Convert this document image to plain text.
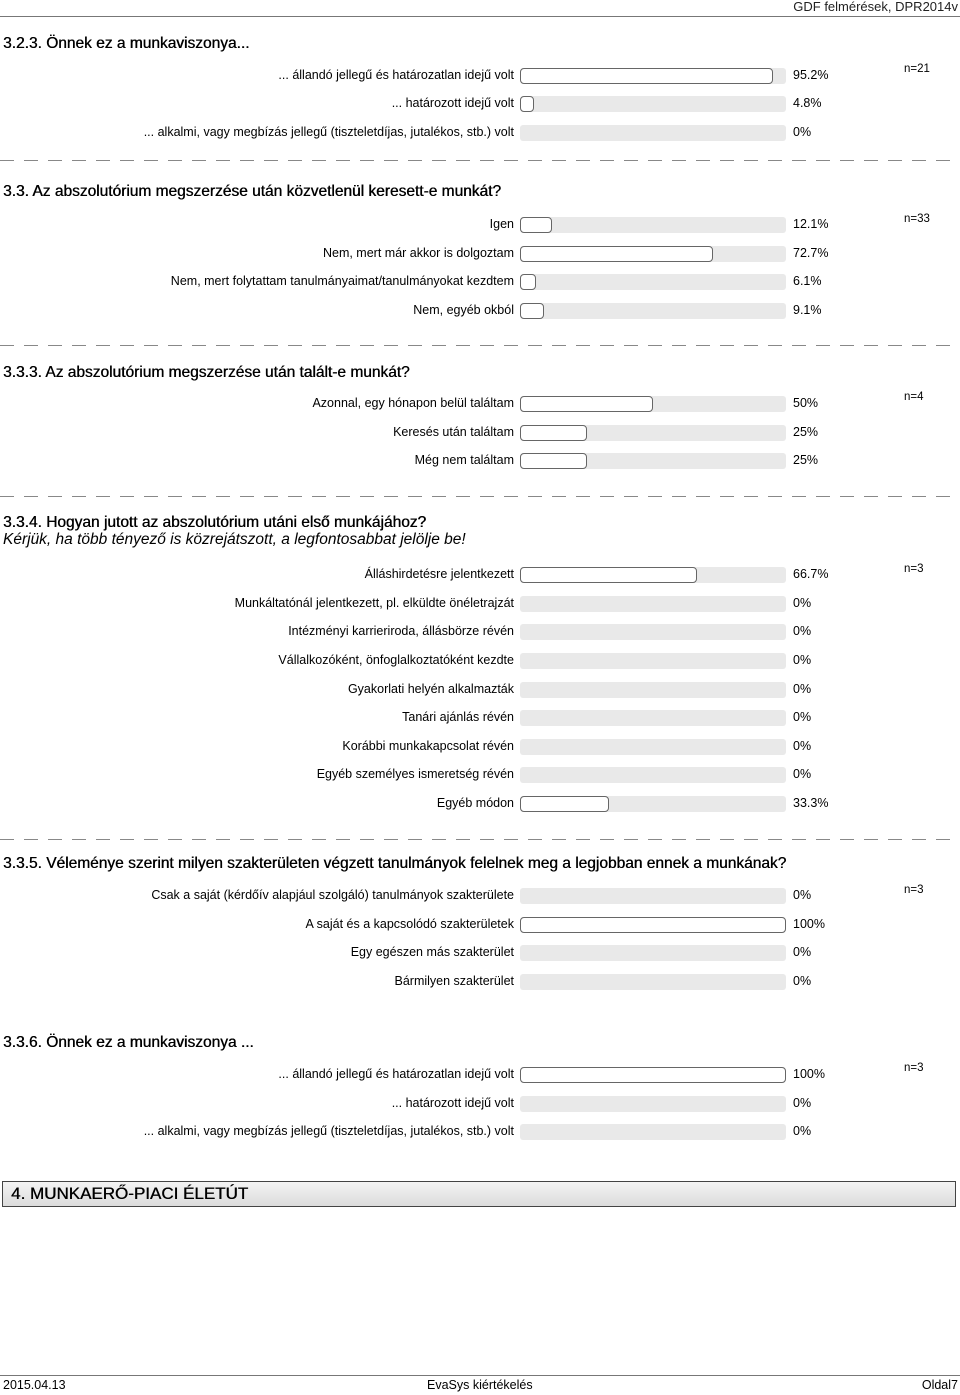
GDF felmérések, DPR2014v
3.2.3. Önnek ez a munkaviszonya...
n=21
... állandó jellegű és határozatlan idejű volt	95.2%
... határozott idejű volt	4.8%
... alkalmi, vagy megbízás jellegű (tiszteletdíjas, jutalékos, stb.) volt	0%
3.3. Az abszolutórium megszerzése után közvetlenül keresett-e munkát?
n=33
Igen	12.1%
Nem, mert már akkor is dolgoztam	72.7%
Nem, mert folytattam tanulmányaimat/tanulmányokat kezdtem	6.1%
Nem, egyéb okból	9.1%
3.3.3. Az abszolutórium megszerzése után talált-e munkát?
n=4
Azonnal, egy hónapon belül találtam	50%
Keresés után találtam	25%
Még nem találtam	25%
3.3.4. Hogyan jutott az abszolutórium utáni első munkájához?
Kérjük, ha több tényező is közrejátszott, a legfontosabbat jelölje be!
n=3
Álláshirdetésre jelentkezett	66.7%
Munkáltatónál jelentkezett, pl. elküldte önéletrajzát	0%
Intézményi karrieriroda, állásbörze révén	0%
Vállalkozóként, önfoglalkoztatóként kezdte	0%
Gyakorlati helyén alkalmazták	0%
Tanári ajánlás révén	0%
Korábbi munkakapcsolat révén	0%
Egyéb személyes ismeretség révén	0%
Egyéb módon	33.3%
3.3.5. Véleménye szerint milyen szakterületen végzett tanulmányok felelnek meg a legjobban ennek a munkának?
n=3
Csak a saját (kérdőív alapjául szolgáló) tanulmányok szakterülete	0%
A saját és a kapcsolódó szakterületek	100%
Egy egészen más szakterület	0%
Bármilyen szakterület	0%
3.3.6. Önnek ez a munkaviszonya ...
n=3
... állandó jellegű és határozatlan idejű volt	100%
... határozott idejű volt	0%
... alkalmi, vagy megbízás jellegű (tiszteletdíjas, jutalékos, stb.) volt	0%
4. MUNKAERŐ-PIACI ÉLETÚT
2015.04.13	EvaSys kiértékelés	Oldal7
